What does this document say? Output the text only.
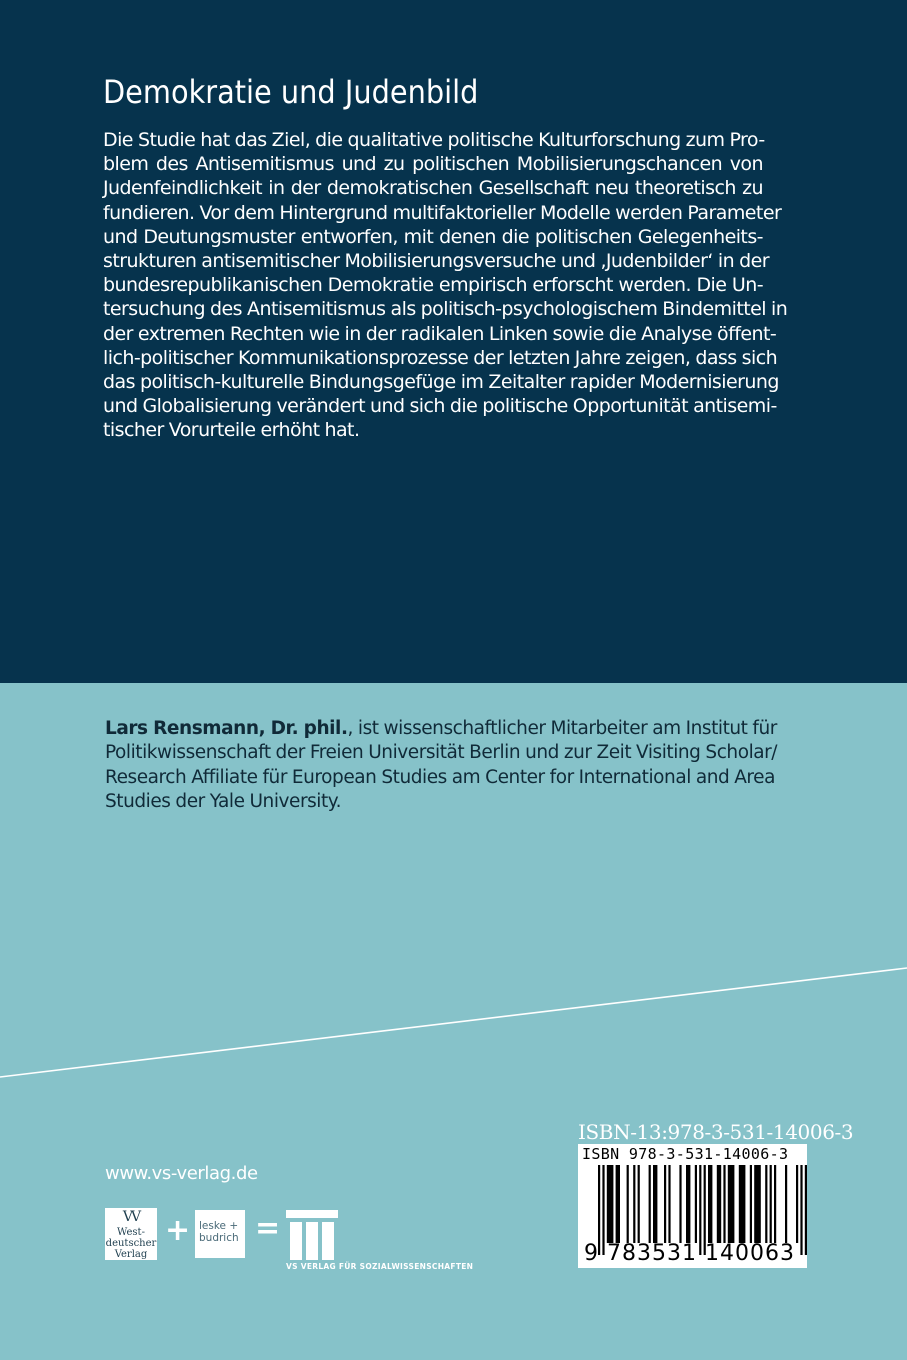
Demokratie und Judenbild
Die Studie hat das Ziel, die qualitative politische Kulturforschung zum Pro-
blem des Antisemitismus und zu politischen Mobilisierungschancen von
Judenfeindlichkeit in der demokratischen Gesellschaft neu theoretisch zu
fundieren. Vor dem Hintergrund multifaktorieller Modelle werden Parameter
und Deutungsmuster entworfen, mit denen die politischen Gelegenheits-
strukturen antisemitischer Mobilisierungsversuche und ‚Judenbilder‘ in der
bundesrepublikanischen Demokratie empirisch erforscht werden. Die Un-
tersuchung des Antisemitismus als politisch-psychologischem Bindemittel in
der extremen Rechten wie in der radikalen Linken sowie die Analyse öffent-
lich-politischer Kommunikationsprozesse der letzten Jahre zeigen, dass sich
das politisch-kulturelle Bindungsgefüge im Zeitalter rapider Modernisierung
und Globalisierung verändert und sich die politische Opportunität antisemi-
tischer Vorurteile erhöht hat.
Lars Rensmann, Dr. phil., ist wissenschaftlicher Mitarbeiter am Institut für
Politikwissenschaft der Freien Universität Berlin und zur Zeit Visiting Scholar/
Research Affiliate für European Studies am Center for International and Area
Studies der Yale University.
www.vs-verlag.de
VV
West-
deutscher
Verlag
+ leske +
budrich =
VS VERLAG FÜR SOZIALWISSENSCHAFTEN
ISBN-13:978-3-531-14006-3
ISBN 978-3-531-14006-3
9 783531 140063
